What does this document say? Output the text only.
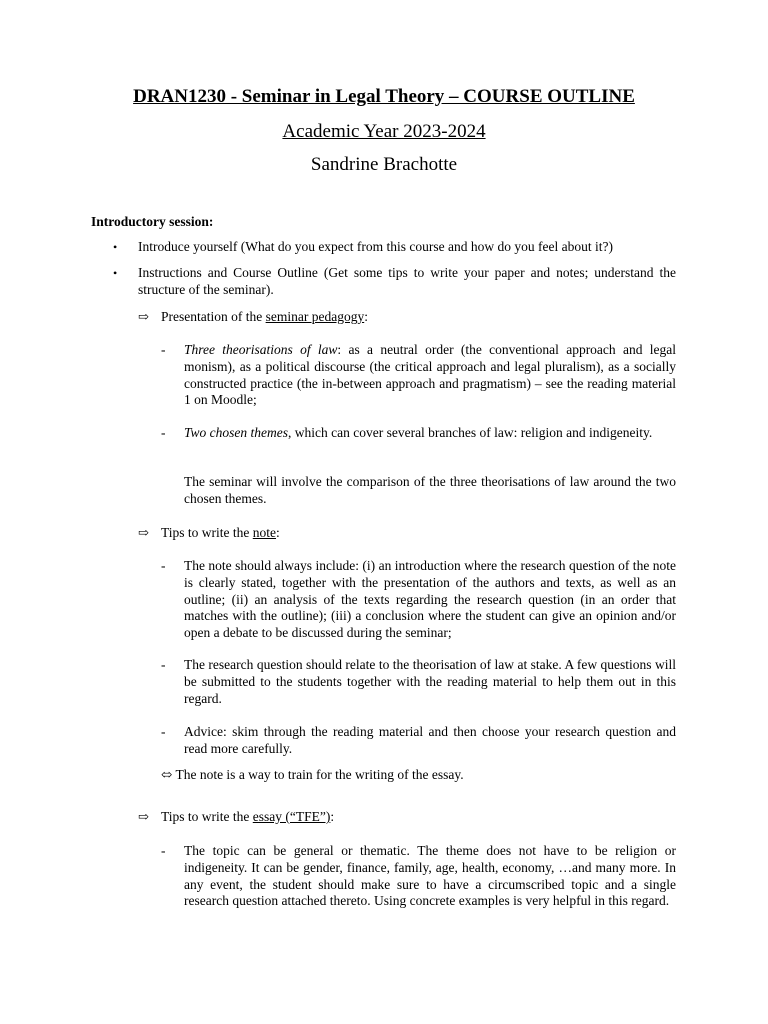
DRAN1230 - Seminar in Legal Theory – COURSE OUTLINE
Academic Year 2023-2024
Sandrine Brachotte

Introductory session:

• Introduce yourself (What do you expect from this course and how do you feel about it?)

• Instructions and Course Outline (Get some tips to write your paper and notes; understand the structure of the seminar).

⇨ Presentation of the seminar pedagogy:

- Three theorisations of law: as a neutral order (the conventional approach and legal monism), as a political discourse (the critical approach and legal pluralism), as a socially constructed practice (the in-between approach and pragmatism) – see the reading material 1 on Moodle;

- Two chosen themes, which can cover several branches of law: religion and indigeneity.

The seminar will involve the comparison of the three theorisations of law around the two chosen themes.

⇨ Tips to write the note:

- The note should always include: (i) an introduction where the research question of the note is clearly stated, together with the presentation of the authors and texts, as well as an outline; (ii) an analysis of the texts regarding the research question (in an order that matches with the outline); (iii) a conclusion where the student can give an opinion and/or open a debate to be discussed during the seminar;

- The research question should relate to the theorisation of law at stake. A few questions will be submitted to the students together with the reading material to help them out in this regard.

- Advice: skim through the reading material and then choose your research question and read more carefully.

⬄ The note is a way to train for the writing of the essay.

⇨ Tips to write the essay (“TFE”):

- The topic can be general or thematic. The theme does not have to be religion or indigeneity. It can be gender, finance, family, age, health, economy, …and many more. In any event, the student should make sure to have a circumscribed topic and a single research question attached thereto. Using concrete examples is very helpful in this regard.
